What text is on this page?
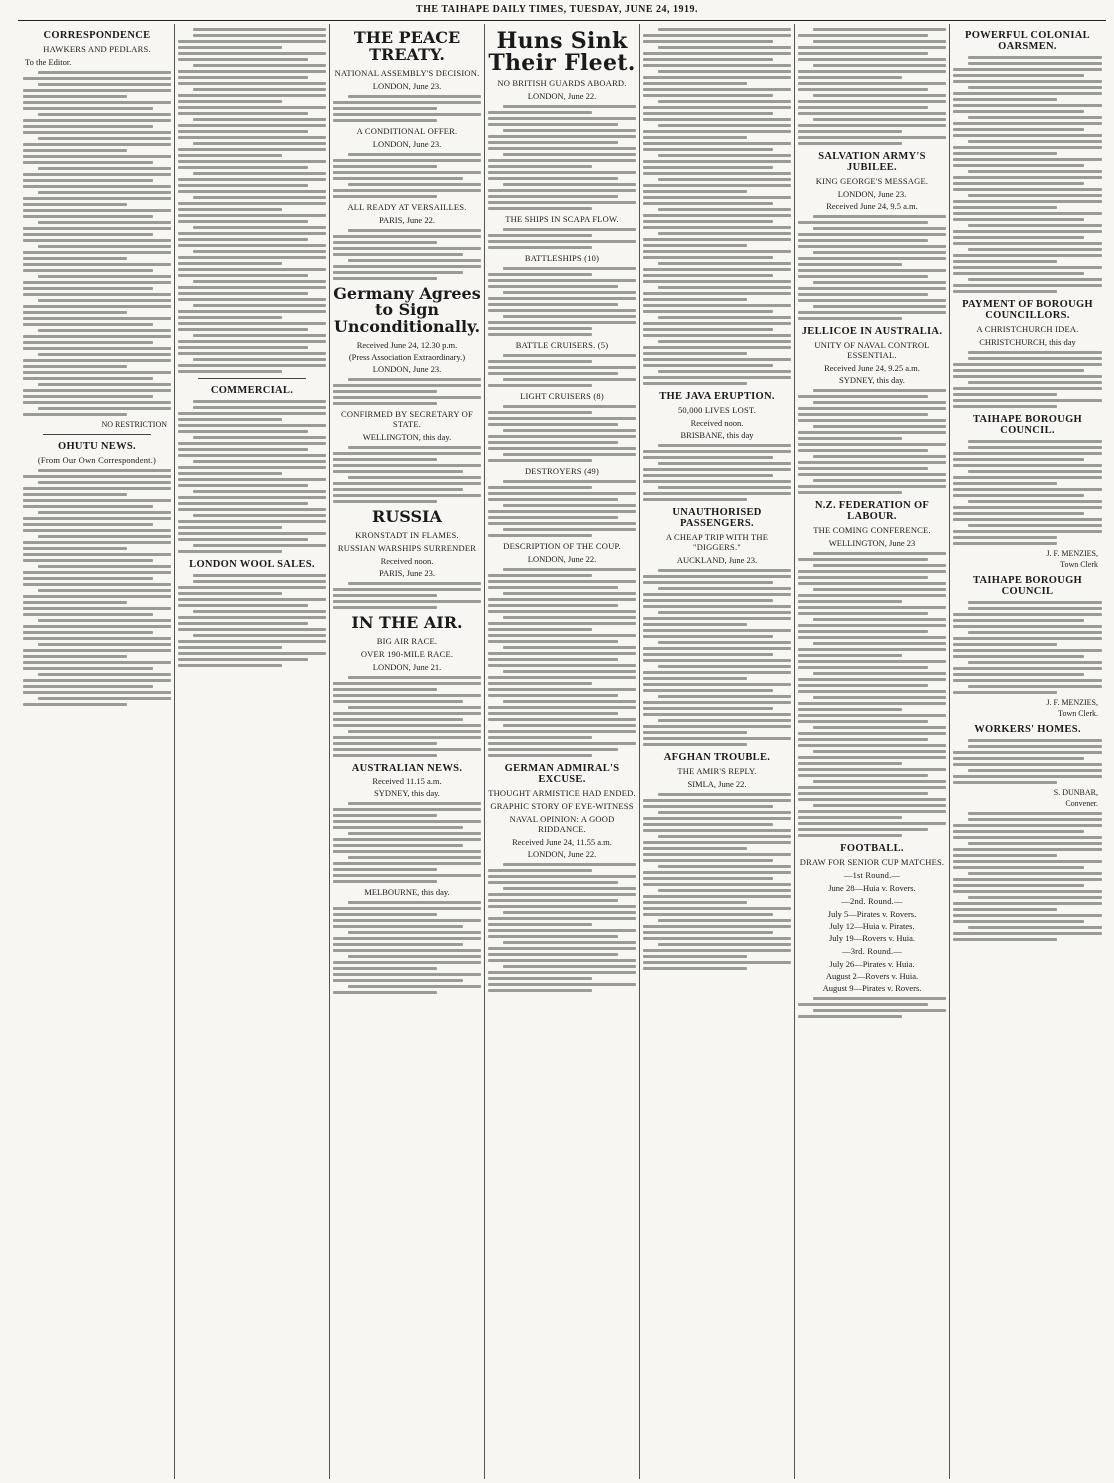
THE TAIHAPE DAILY TIMES, TUESDAY, JUNE 24, 1919.
CORRESPONDENCE
HAWKERS AND PEDLARS.
To the Editor.
NO RESTRICTION
OHUTU NEWS.
(From Our Own Correspondent.)
COMMERCIAL.
LONDON WOOL SALES.
THE PEACE TREATY.
NATIONAL ASSEMBLY'S DECISION.
LONDON, June 23.
A CONDITIONAL OFFER.
LONDON, June 23.
ALL READY AT VERSAILLES.
PARIS, June 22.
Germany Agrees to Sign Unconditionally.
Received June 24, 12.30 p.m.
(Press Association Extraordinary.)
LONDON, June 23.
CONFIRMED BY SECRETARY OF STATE.
WELLINGTON, this day.
RUSSIA
KRONSTADT IN FLAMES.
RUSSIAN WARSHIPS SURRENDER
Received noon.
PARIS, June 23.
IN THE AIR.
BIG AIR RACE.
OVER 190-MILE RACE.
LONDON, June 21.
AUSTRALIAN NEWS.
Received 11.15 a.m.
SYDNEY, this day.
MELBOURNE, this day.
Huns Sink Their Fleet.
NO BRITISH GUARDS ABOARD.
LONDON, June 22.
THE SHIPS IN SCAPA FLOW.
BATTLESHIPS (10)
BATTLE CRUISERS. (5)
LIGHT CRUISERS (8)
DESTROYERS (49)
DESCRIPTION OF THE COUP.
LONDON, June 22.
GERMAN ADMIRAL'S EXCUSE.
THOUGHT ARMISTICE HAD ENDED.
GRAPHIC STORY OF EYE-WITNESS
NAVAL OPINION: A GOOD RIDDANCE.
Received June 24, 11.55 a.m.
LONDON, June 22.
THE JAVA ERUPTION.
50,000 LIVES LOST.
Received noon.
BRISBANE, this day
UNAUTHORISED PASSENGERS.
A CHEAP TRIP WITH THE "DIGGERS."
AUCKLAND, June 23.
AFGHAN TROUBLE.
THE AMIR'S REPLY.
SIMLA, June 22.
SALVATION ARMY'S JUBILEE.
KING GEORGE'S MESSAGE.
LONDON, June 23.
Received June 24, 9.5 a.m.
JELLICOE IN AUSTRALIA.
UNITY OF NAVAL CONTROL ESSENTIAL.
Received June 24, 9.25 a.m.
SYDNEY, this day.
N.Z. FEDERATION OF LABOUR.
THE COMING CONFERENCE.
WELLINGTON, June 23
FOOTBALL.
DRAW FOR SENIOR CUP MATCHES.
—1st Round.—
June 28—Huia v. Rovers.
—2nd. Round.—
July 5—Pirates v. Rovers.
July 12—Huia v. Pirates.
July 19—Rovers v. Huia.
—3rd. Round.—
July 26—Pirates v. Huia.
August 2—Rovers v. Huia.
August 9—Pirates v. Rovers.
POWERFUL COLONIAL OARSMEN.
PAYMENT OF BOROUGH COUNCILLORS.
A CHRISTCHURCH IDEA.
CHRISTCHURCH, this day
TAIHAPE BOROUGH COUNCIL.
J. F. MENZIES,
Town Clerk
TAIHAPE BOROUGH COUNCIL
J. F. MENZIES,
Town Clerk.
WORKERS' HOMES.
S. DUNBAR,
Convener.
